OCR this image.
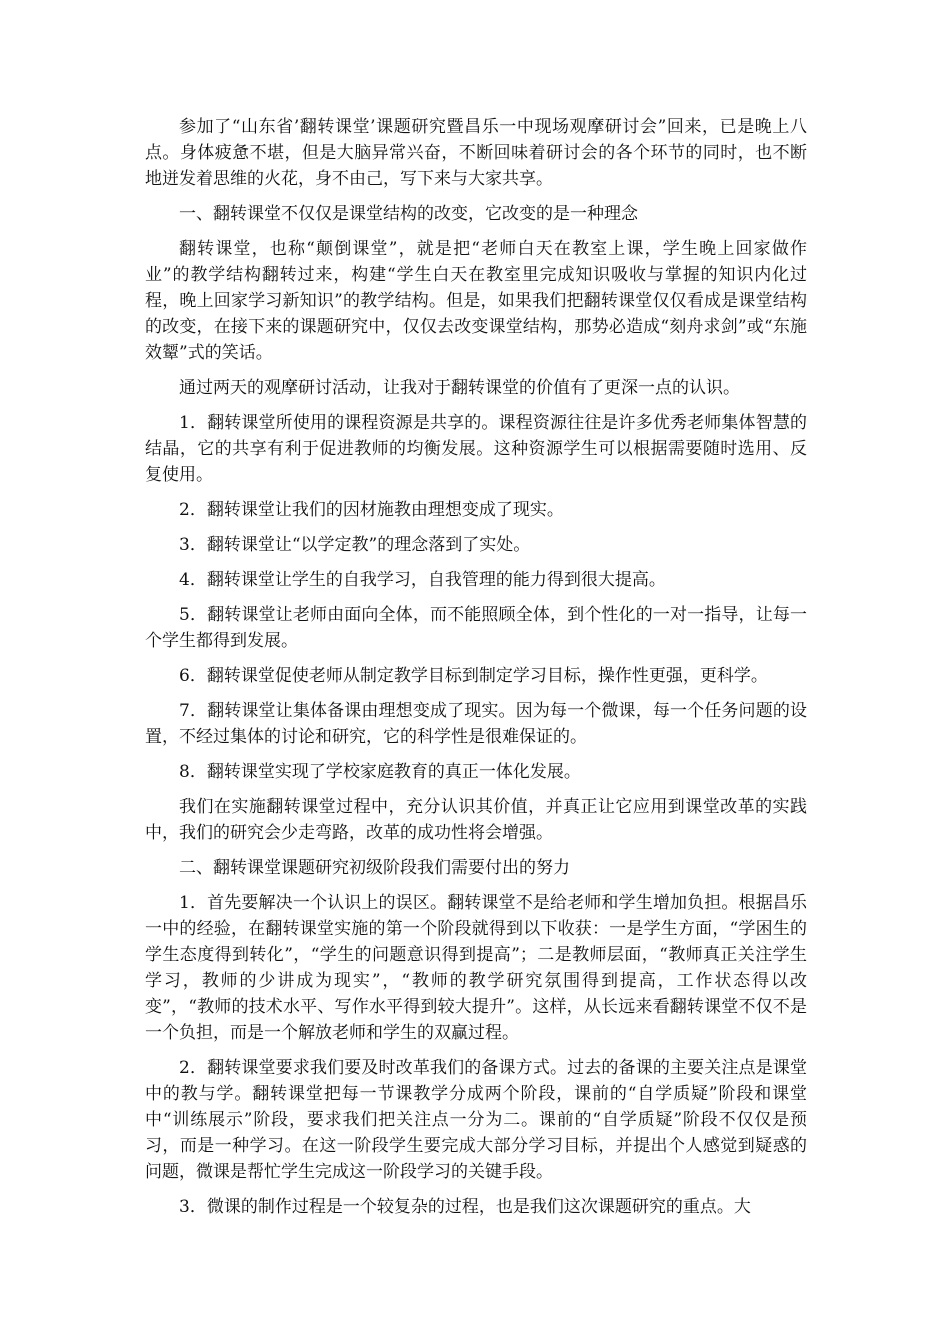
参加了“山东省’翻转课堂’课题研究暨昌乐一中现场观摩研讨会”回来，已是晚上八点。身体疲惫不堪，但是大脑异常兴奋，不断回味着研讨会的各个环节的同时，也不断地迸发着思维的火花，身不由己，写下来与大家共享。

一、翻转课堂不仅仅是课堂结构的改变，它改变的是一种理念

翻转课堂，也称“颠倒课堂”，就是把“老师白天在教室上课，学生晚上回家做作业”的教学结构翻转过来，构建“学生白天在教室里完成知识吸收与掌握的知识内化过程，晚上回家学习新知识”的教学结构。但是，如果我们把翻转课堂仅仅看成是课堂结构的改变，在接下来的课题研究中，仅仅去改变课堂结构，那势必造成“刻舟求剑”或“东施效颦”式的笑话。

通过两天的观摩研讨活动，让我对于翻转课堂的价值有了更深一点的认识。

1．翻转课堂所使用的课程资源是共享的。课程资源往往是许多优秀老师集体智慧的结晶，它的共享有利于促进教师的均衡发展。这种资源学生可以根据需要随时选用、反复使用。

2．翻转课堂让我们的因材施教由理想变成了现实。

3．翻转课堂让“以学定教”的理念落到了实处。

4．翻转课堂让学生的自我学习，自我管理的能力得到很大提高。

5．翻转课堂让老师由面向全体，而不能照顾全体，到个性化的一对一指导，让每一个学生都得到发展。

6．翻转课堂促使老师从制定教学目标到制定学习目标，操作性更强，更科学。

7．翻转课堂让集体备课由理想变成了现实。因为每一个微课，每一个任务问题的设置，不经过集体的讨论和研究，它的科学性是很难保证的。

8．翻转课堂实现了学校家庭教育的真正一体化发展。

我们在实施翻转课堂过程中，充分认识其价值，并真正让它应用到课堂改革的实践中，我们的研究会少走弯路，改革的成功性将会增强。

二、翻转课堂课题研究初级阶段我们需要付出的努力

1．首先要解决一个认识上的误区。翻转课堂不是给老师和学生增加负担。根据昌乐一中的经验，在翻转课堂实施的第一个阶段就得到以下收获：一是学生方面，“学困生的学生态度得到转化”，“学生的问题意识得到提高”；二是教师层面，“教师真正关注学生学习，教师的少讲成为现实”，“教师的教学研究氛围得到提高，工作状态得以改变”，“教师的技术水平、写作水平得到较大提升”。这样，从长远来看翻转课堂不仅不是一个负担，而是一个解放老师和学生的双赢过程。

2．翻转课堂要求我们要及时改革我们的备课方式。过去的备课的主要关注点是课堂中的教与学。翻转课堂把每一节课教学分成两个阶段，课前的“自学质疑”阶段和课堂中“训练展示”阶段，要求我们把关注点一分为二。课前的“自学质疑”阶段不仅仅是预习，而是一种学习。在这一阶段学生要完成大部分学习目标，并提出个人感觉到疑惑的问题，微课是帮忙学生完成这一阶段学习的关键手段。

3．微课的制作过程是一个较复杂的过程，也是我们这次课题研究的重点。大
